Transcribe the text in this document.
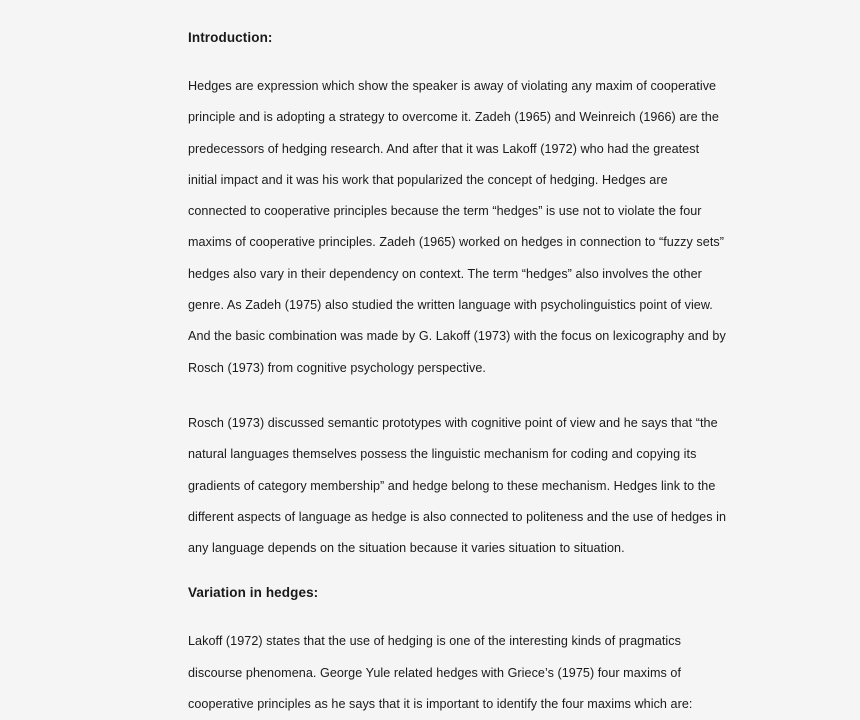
Introduction:

Hedges are expression which show the speaker is away of violating any maxim of cooperative

principle and is adopting a strategy to overcome it. Zadeh (1965) and Weinreich (1966) are the

predecessors of hedging research. And after that it was Lakoff (1972) who had the greatest

initial impact and it was his work that popularized the concept of hedging. Hedges are

connected to cooperative principles because the term “hedges” is use not to violate the four

maxims of cooperative principles. Zadeh (1965) worked on hedges in connection to “fuzzy sets”

hedges also vary in their dependency on context. The term “hedges” also involves the other

genre. As Zadeh (1975) also studied the written language with psycholinguistics point of view.

And the basic combination was made by G. Lakoff (1973) with the focus on lexicography and by

Rosch (1973) from cognitive psychology perspective.

Rosch (1973) discussed semantic prototypes with cognitive point of view and he says that “the

natural languages themselves possess the linguistic mechanism for coding and copying its

gradients of category membership” and hedge belong to these mechanism. Hedges link to the

different aspects of language as hedge is also connected to politeness and the use of hedges in

any language depends on the situation because it varies situation to situation.

Variation in hedges:

Lakoff (1972) states that the use of hedging is one of the interesting kinds of pragmatics

discourse phenomena. George Yule related hedges with Griece’s (1975) four maxims of

cooperative principles as he says that it is important to identify the four maxims which are:
